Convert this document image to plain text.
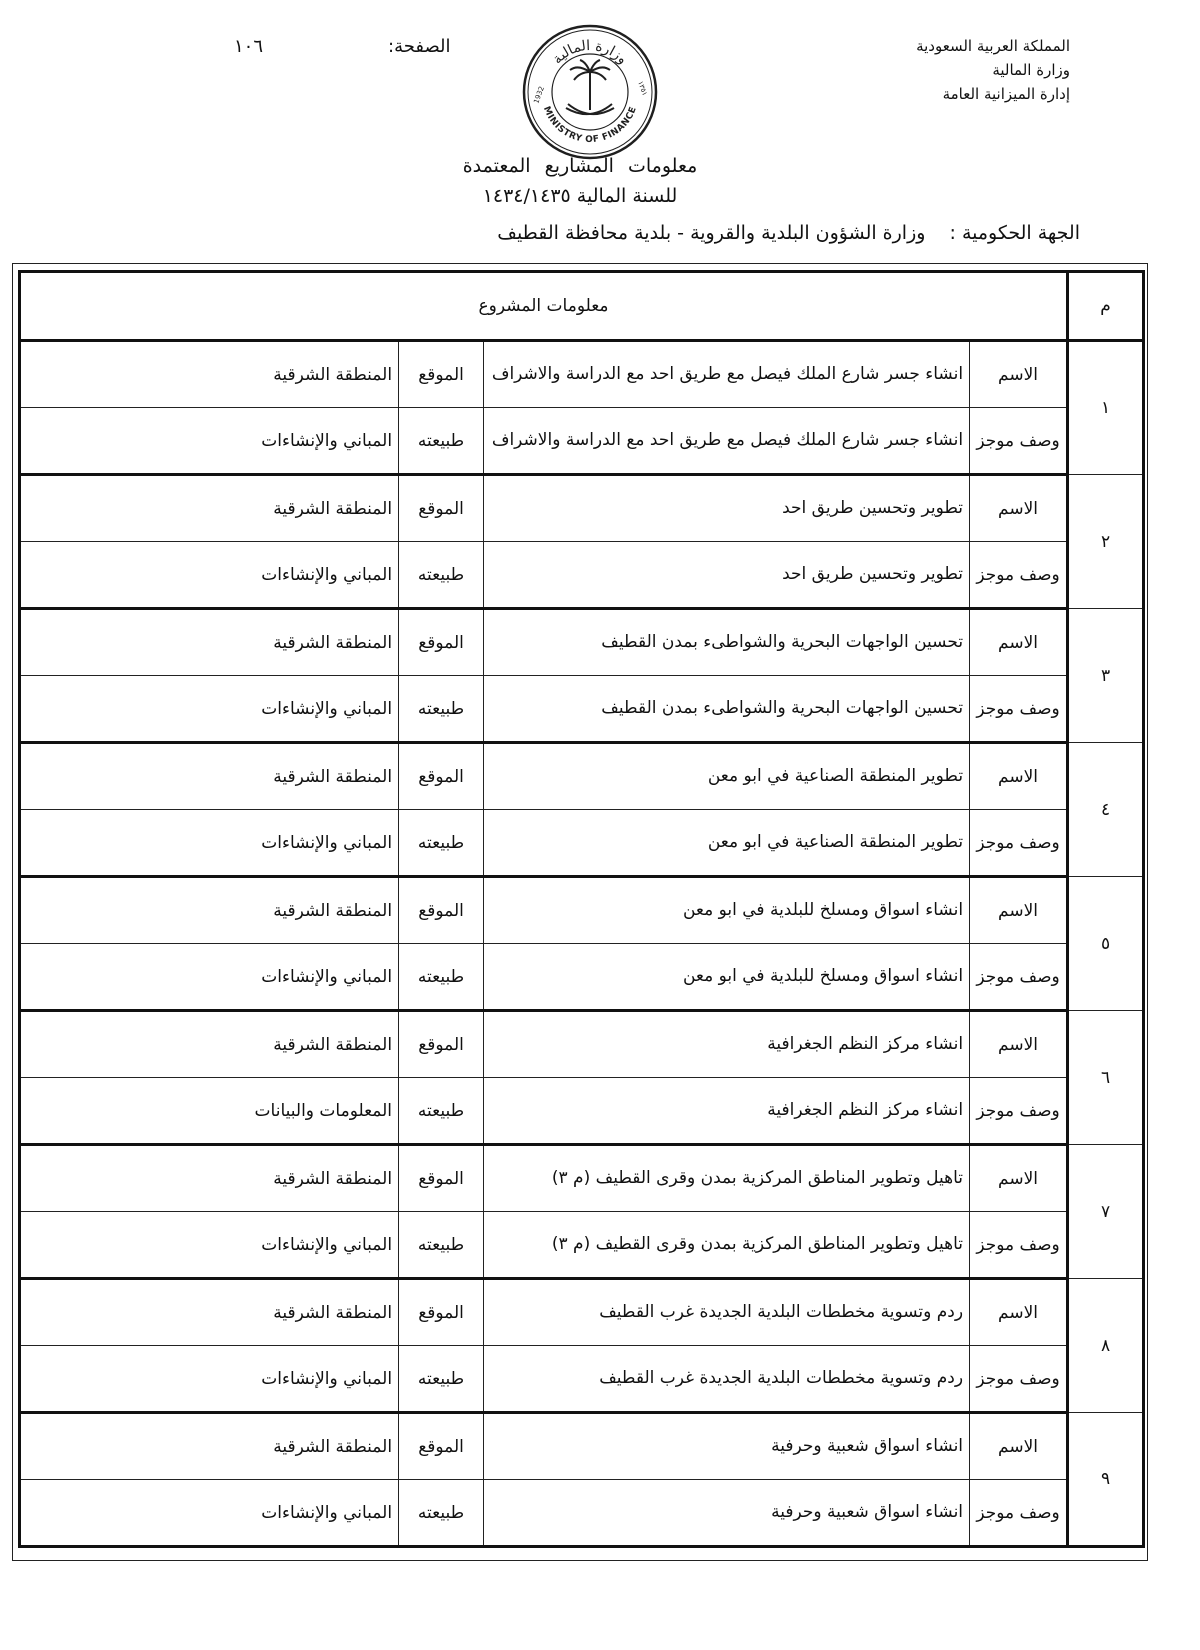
المملكة العربية السعودية
وزارة المالية
إدارة الميزانية العامة
الصفحة:
١٠٦
وزارة المالية
MINISTRY OF FINANCE
1932	١٣٥١
معلومات المشاريع المعتمدة
للسنة المالية ١٤٣٤/١٤٣٥
الجهة الحكومية : وزارة الشؤون البلدية والقروية - بلدية محافظة القطيف
م	معلومات المشروع			
١	الاسم	انشاء جسر شارع الملك فيصل مع طريق احد مع الدراسة والاشراف	الموقع	المنطقة الشرقية
	وصف موجز	انشاء جسر شارع الملك فيصل مع طريق احد مع الدراسة والاشراف	طبيعته	المباني والإنشاءات
٢	الاسم	تطوير وتحسين طريق احد	الموقع	المنطقة الشرقية
	وصف موجز	تطوير وتحسين طريق احد	طبيعته	المباني والإنشاءات
٣	الاسم	تحسين الواجهات البحرية والشواطىء بمدن القطيف	الموقع	المنطقة الشرقية
	وصف موجز	تحسين الواجهات البحرية والشواطىء بمدن القطيف	طبيعته	المباني والإنشاءات
٤	الاسم	تطوير المنطقة الصناعية في ابو معن	الموقع	المنطقة الشرقية
	وصف موجز	تطوير المنطقة الصناعية في ابو معن	طبيعته	المباني والإنشاءات
٥	الاسم	انشاء اسواق ومسلخ للبلدية في ابو معن	الموقع	المنطقة الشرقية
	وصف موجز	انشاء اسواق ومسلخ للبلدية في ابو معن	طبيعته	المباني والإنشاءات
٦	الاسم	انشاء مركز النظم الجغرافية	الموقع	المنطقة الشرقية
	وصف موجز	انشاء مركز النظم الجغرافية	طبيعته	المعلومات والبيانات
٧	الاسم	تاهيل وتطوير المناطق المركزية بمدن وقرى القطيف (م ٣)	الموقع	المنطقة الشرقية
	وصف موجز	تاهيل وتطوير المناطق المركزية بمدن وقرى القطيف (م ٣)	طبيعته	المباني والإنشاءات
٨	الاسم	ردم وتسوية مخططات البلدية الجديدة غرب القطيف	الموقع	المنطقة الشرقية
	وصف موجز	ردم وتسوية مخططات البلدية الجديدة غرب القطيف	طبيعته	المباني والإنشاءات
٩	الاسم	انشاء اسواق شعبية وحرفية	الموقع	المنطقة الشرقية
	وصف موجز	انشاء اسواق شعبية وحرفية	طبيعته	المباني والإنشاءات
